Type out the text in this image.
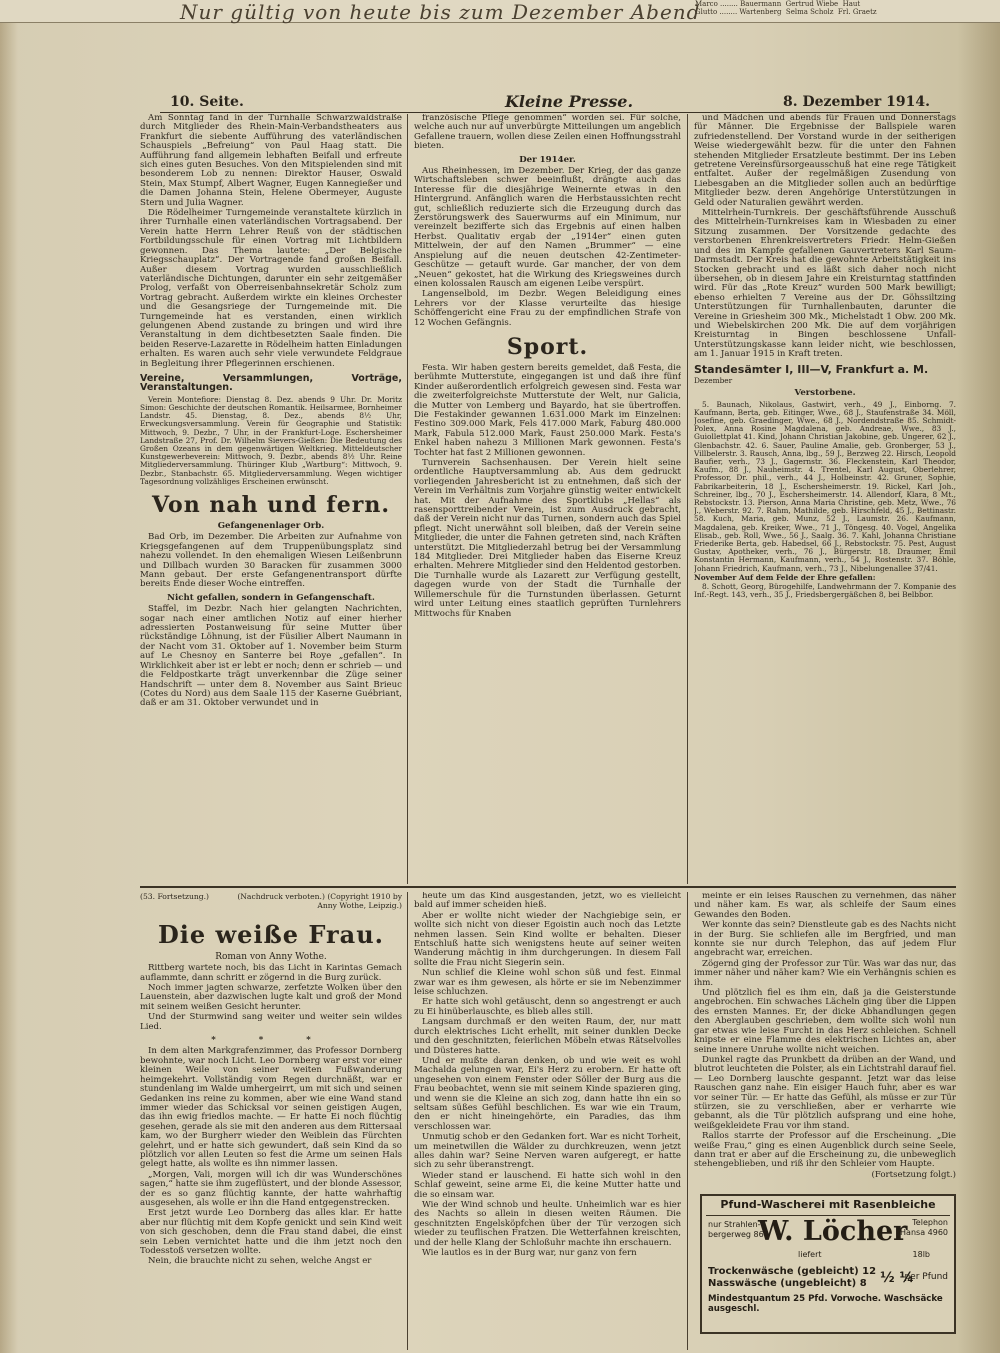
Nur gültig von heute bis zum Dezember Abend
Marco ........ Bauermann  Gertrud Wiebe  Haut
Glutto ........ Wartenberg  Selma Scholz  Frl. Graetz
10. Seite.	Kleine Presse.	8. Dezember 1914.

Am Sonntag fand in der Turnhalle Schwarzwaldstraße durch Mitglieder des Rhein-Main-Verbandstheaters aus Frankfurt die siebente Aufführung des vaterländischen Schauspiels „Befreiung“ von Paul Haag statt. Die Aufführung fand allgemein lebhaften Beifall und erfreute sich eines guten Besuches. Von den Mitspielenden sind mit besonderem Lob zu nennen: Direktor Hauser, Oswald Stein, Max Stumpf, Albert Wagner, Eugen Kannegießer und die Damen Johanna Stein, Helene Obermeyer, Auguste Stern und Julia Wagner.

Die Rödelheimer Turngemeinde veranstaltete kürzlich in ihrer Turnhalle einen vaterländischen Vortragsabend. Der Verein hatte Herrn Lehrer Reuß von der städtischen Fortbildungsschule für einen Vortrag mit Lichtbildern gewonnen. Das Thema lautete: „Der Belgische Kriegsschauplatz“. Der Vortragende fand großen Beifall. Außer diesem Vortrag wurden ausschließlich vaterländische Dichtungen, darunter ein sehr zeitgemäßer Prolog, verfaßt von Oberreisenbahnsekretär Scholz zum Vortrag gebracht. Außerdem wirkte ein kleines Orchester und die Gesangsriege der Turngemeinde mit. Die Turngemeinde hat es verstanden, einen wirklich gelungenen Abend zustande zu bringen und wird ihre Veranstaltung in dem dichtbesetzten Saale finden. Die beiden Reserve-Lazarette in Rödelheim hatten Einladungen erhalten. Es waren auch sehr viele verwundete Feldgraue in Begleitung ihrer Pflegerinnen erschienen.

Vereine, Versammlungen, Vorträge, Veranstaltungen.

Verein Montefiore: Dienstag 8. Dez. abends 9 Uhr. Dr. Moritz Simon: Geschichte der deutschen Romantik. Heilsarmee, Bornheimer Landstr. 45. Dienstag, 8. Dez., abends 8½ Uhr, Erweckungsversammlung. Verein für Geographie und Statistik: Mittwoch, 9. Dezbr., 7 Uhr, in der Frankfurt-Loge. Eschersheimer Landstraße 27, Prof. Dr. Wilhelm Sievers-Gießen: Die Bedeutung des Großen Ozeans in dem gegenwärtigen Weltkrieg. Mitteldeutscher Kunstgewerbeverein: Mittwoch, 9. Dezbr., abends 8½ Uhr. Reine Mitgliederversammlung. Thüringer Klub „Wartburg“: Mittwoch, 9. Dezbr., Stanbachstr. 65. Mitgliederversammlung. Wegen wichtiger Tagesordnung vollzähliges Erscheinen erwünscht.

Von nah und fern.
Gefangenenlager Orb.

Bad Orb, im Dezember. Die Arbeiten zur Aufnahme von Kriegsgefangenen auf dem Truppenübungsplatz sind nahezu vollendet. In den ehemaligen Wiesen Leißenbrunn und Dillbach wurden 30 Baracken für zusammen 3000 Mann gebaut. Der erste Gefangenentransport dürfte bereits Ende dieser Woche eintreffen.

Nicht gefallen, sondern in Gefangenschaft.

Staffel, im Dezbr. Nach hier gelangten Nachrichten, sogar nach einer amtlichen Notiz auf einer hierher adressierten Postanweisung für seine Mutter über rückständige Löhnung, ist der Füsilier Albert Naumann in der Nacht vom 31. Oktober auf 1. November beim Sturm auf Le Chesnoy en Santerre bei Roye „gefallen“. In Wirklichkeit aber ist er lebt er noch; denn er schrieb — und die Feldpostkarte trägt unverkennbar die Züge seiner Handschrift — unter dem 8. November aus Saint Brieuc (Cotes du Nord) aus dem Saale 115 der Kaserne Guébriant, daß er am 31. Oktober verwundet und in

französische Pflege genommen“ worden sei. Für solche, welche auch nur auf unverbürgte Mitteilungen um angeblich Gefallene trauern, wollen diese Zeilen einen Hoffnungsstrahl bieten.

Der 1914er.

Aus Rheinhessen, im Dezember. Der Krieg, der das ganze Wirtschaftsleben schwer beeinflußt, drängte auch das Interesse für die diesjährige Weinernte etwas in den Hintergrund. Anfänglich waren die Herbstaussichten recht gut, schließlich reduzierte sich die Erzeugung durch das Zerstörungswerk des Sauerwurms auf ein Minimum, nur vereinzelt bezifferte sich das Ergebnis auf einen halben Herbst. Qualitativ ergab der „1914er“ einen guten Mittelwein, der auf den Namen „Brummer“ — eine Anspielung auf die neuen deutschen 42-Zentimeter-Geschütze — getauft wurde. Gar mancher, der von dem „Neuen“ gekostet, hat die Wirkung des Kriegsweines durch einen kolossalen Rausch am eigenen Leibe verspürt.

Langenselbold, im Dezbr. Wegen Beleidigung eines Lehrers vor der Klasse verurteilte das hiesige Schöffengericht eine Frau zu der empfindlichen Strafe von 12 Wochen Gefängnis.

Sport.

Festa. Wir haben gestern bereits gemeldet, daß Festa, die berühmte Mutterstute, eingegangen ist und daß ihre fünf Kinder außerordentlich erfolgreich gewesen sind. Festa war die zweiterfolgreichste Mutterstute der Welt, nur Galicia, die Mutter von Lemberg und Bayardo, hat sie übertroffen. Die Festakinder gewannen 1.631.000 Mark im Einzelnen: Festino 309.000 Mark, Fels 417.000 Mark, Faburg 480.000 Mark, Fabula 512.000 Mark, Faust 250.000 Mark. Festa's Enkel haben nahezu 3 Millionen Mark gewonnen. Festa's Tochter hat fast 2 Millionen gewonnen.

Turnverein Sachsenhausen. Der Verein hielt seine ordentliche Hauptversammlung ab. Aus dem gedruckt vorliegenden Jahresbericht ist zu entnehmen, daß sich der Verein im Verhältnis zum Vorjahre günstig weiter entwickelt hat. Mit der Aufnahme des Sportklubs „Hellas“ als rasensporttreibender Verein, ist zum Ausdruck gebracht, daß der Verein nicht nur das Turnen, sondern auch das Spiel pflegt. Nicht unerwähnt soll bleiben, daß der Verein seine Mitglieder, die unter die Fahnen getreten sind, nach Kräften unterstützt. Die Mitgliederzahl betrug bei der Versammlung 184 Mitglieder. Drei Mitglieder haben das Eiserne Kreuz erhalten. Mehrere Mitglieder sind den Heldentod gestorben. Die Turnhalle wurde als Lazarett zur Verfügung gestellt, dagegen wurde von der Stadt die Turnhalle der Willemerschule für die Turnstunden überlassen. Geturnt wird unter Leitung eines staatlich geprüften Turnlehrers Mittwochs für Knaben

und Mädchen und abends für Frauen und Donnerstags für Männer. Die Ergebnisse der Ballspiele waren zufriedenstellend. Der Vorstand wurde in der seitherigen Weise wiedergewählt bezw. für die unter den Fahnen stehenden Mitglieder Ersatzleute bestimmt. Der ins Leben getretene Vereinsfürsorgeausschuß hat eine rege Tätigkeit entfaltet. Außer der regelmäßigen Zusendung von Liebesgaben an die Mitglieder sollen auch an bedürftige Mitglieder bezw. deren Angehörige Unterstützungen in Geld oder Naturalien gewährt werden.

Mittelrhein-Turnkreis. Der geschäftsführende Ausschuß des Mittelrhein-Turnkreises kam in Wiesbaden zu einer Sitzung zusammen. Der Vorsitzende gedachte des verstorbenen Ehrenkreisvertreters Friedr. Helm-Gießen und des im Kampfe gefallenen Gauvertreters Karl Saum-Darmstadt. Der Kreis hat die gewohnte Arbeitstätigkeit ins Stocken gebracht und es läßt sich daher noch nicht übersehen, ob in diesem Jahre ein Kreisturntag stattfinden wird. Für das „Rote Kreuz“ wurden 500 Mark bewilligt; ebenso erhielten 7 Vereine aus der Dr. Göhssiltzing Unterstützungen für Turnhallenbauten, darunter die Vereine in Griesheim 300 Mk., Michelstadt 1 Obw. 200 Mk. und Wiebelskirchen 200 Mk. Die auf dem vorjährigen Kreisturntag in Bingen beschlossene Unfall-Unterstützungskasse kann leider nicht, wie beschlossen, am 1. Januar 1915 in Kraft treten.

Standesämter I, III—V, Frankfurt a. M.

Dezember

Verstorbene.

5. Baunach, Nikolaus, Gastwirt, verh., 49 J., Einborng. 7. Kaufmann, Berta, geb. Eitinger, Wwe., 68 J., Staufenstraße 34. Möll, Josefine, geb. Graedinger, Wwe., 68 J., Nordendstraße 85. Schmidt-Polex, Anna Rosine Magdalena, geb. Andreae, Wwe., 83 J., Guiollettplat 41. Kind, Johann Christian Jakobine, geb. Ungerer, 62 J., Glenbachstr. 42. 6. Sauer, Pauline Amalie, geb. Gronberger, 53 J., Villbelerstr. 3. Rausch, Anna, lbg., 59 J., Berzweg 22. Hirsch, Leopold Baufier, verh., 73 J., Gagernstr. 36. Fleckenstein, Karl Theodor, Kaufm., 88 J., Nauheimstr. 4. Trentel, Karl August, Oberlehrer, Professor, Dr. phil., verh., 44 J., Holbeinstr. 42. Gruner, Sophie, Fabrikarbeiterin, 18 J., Eschersheimerstr. 19. Rickel, Karl Joh., Schreiner, lbg., 70 J., Eschersheimerstr. 14. Allendorf, Klara, 8 Mt., Rebstockstr. 13. Pierson, Anna Maria Christine, geb. Metz, Wwe., 76 J., Weberstr. 92. 7. Rahm, Mathilde, geb. Hirschfeld, 45 J., Bettinastr. 58. Kuch, Maria, geb. Munz, 52 J., Laumstr. 26. Kaufmann, Magdalena, geb. Kreiker, Wwe., 71 J., Töngesg. 40. Vogel, Angelika Elisab., geb. Roll, Wwe., 56 J., Saalg. 36. 7. Kahl, Johanna Christiane Friederike Berta, geb. Habedsel, 66 J., Rebstockstr. 75. Pest, August Gustav, Apotheker, verh., 76 J., Bürgerstr. 18. Draumer, Emil Konstantin Hermann, Kaufmann, verh., 54 J., Rostenstr. 37. Böhle, Johann Friedrich, Kaufmann, verh., 73 J., Nibelungenallee 37/41.

November Auf dem Felde der Ehre gefallen:

8. Schott, Georg, Bürogehilfe, Landwehrmann der 7. Kompanie des Inf.-Regt. 143, verh., 35 J., Friedsbergergäßchen 8, bei Belbbor.

(53. Fortsetzung.)	(Nachdruck verboten.) (Copyright 1910 by Anny Wothe, Leipzig.)
Die weiße Frau.
Roman von Anny Wothe.

Rittberg wartete noch, bis das Licht in Karintas Gemach auflammte, dann schritt er zögernd in die Burg zurück.

Noch immer jagten schwarze, zerfetzte Wolken über den Lauenstein, aber dazwischen lugte kalt und groß der Mond mit seinem weißen Gesicht herunter.

Und der Sturmwind sang weiter und weiter sein wildes Lied.

* * *

In dem alten Markgrafenzimmer, das Professor Dornberg bewohnte, war noch Licht. Leo Dornberg war erst vor einer kleinen Weile von seiner weiten Fußwanderung heimgekehrt. Vollständig vom Regen durchnäßt, war er stundenlang im Walde umhergeirrt, um mit sich und seinen Gedanken ins reine zu kommen, aber wie eine Wand stand immer wieder das Schicksal vor seinen geistigen Augen, das ihn ewig friedlos machte. — Er hatte Ei noch flüchtig gesehen, gerade als sie mit den anderen aus dem Rittersaal kam, wo der Burgherr wieder den Weiblein das Fürchten gelehrt, und er hatte sich gewundert, daß sein Kind da so plötzlich vor allen Leuten so fest die Arme um seinen Hals gelegt hatte, als wollte es ihn nimmer lassen.

„Morgen, Vali, morgen will ich dir was Wunderschönes sagen,“ hatte sie ihm zugeflüstert, und der blonde Assessor, der es so ganz flüchtig kannte, der hatte wahrhaftig ausgesehen, als wolle er ihn die Hand entgegenstrecken.

Erst jetzt wurde Leo Dornberg das alles klar. Er hatte aber nur flüchtig mit dem Kopfe genickt und sein Kind weit von sich geschoben, denn die Frau stand dabei, die einst sein Leben vernichtet hatte und die ihm jetzt noch den Todesstoß versetzen wollte.

Nein, die brauchte nicht zu sehen, welche Angst er

heute um das Kind ausgestanden, jetzt, wo es vielleicht bald auf immer scheiden hieß.

Aber er wollte nicht wieder der Nachgiebige sein, er wollte sich nicht von dieser Egoistin auch noch das Letzte nehmen lassen. Sein Kind wollte er behalten. Dieser Entschluß hatte sich wenigstens heute auf seiner weiten Wanderung mächtig in ihm durchgerungen. In diesem Fall sollte die Frau nicht Siegerin sein.

Nun schlief die Kleine wohl schon süß und fest. Einmal zwar war es ihm gewesen, als hörte er sie im Nebenzimmer leise schluchzen.

Er hatte sich wohl getäuscht, denn so angestrengt er auch zu Ei hinüberlauschte, es blieb alles still.

Langsam durchmaß er den weiten Raum, der, nur matt durch elektrisches Licht erhellt, mit seiner dunklen Decke und den geschnitzten, feierlichen Möbeln etwas Rätselvolles und Düsteres hatte.

Und er mußte daran denken, ob und wie weit es wohl Machalda gelungen war, Ei's Herz zu erobern. Er hatte oft ungesehen von einem Fenster oder Söller der Burg aus die Frau beobachtet, wenn sie mit seinem Kinde spazieren ging, und wenn sie die Kleine an sich zog, dann hatte ihn ein so seltsam süßes Gefühl beschlichen. Es war wie ein Traum, den er nicht hineingehörte, ein Paradies, das ihm verschlossen war.

Unmutig schob er den Gedanken fort. War es nicht Torheit, um meinetwillen die Wälder zu durchkreuzen, wenn jetzt alles dahin war? Seine Nerven waren aufgeregt, er hatte sich zu sehr überanstrengt.

Wieder stand er lauschend. Ei hatte sich wohl in den Schlaf geweint, seine arme Ei, die keine Mutter hatte und die so einsam war.

Wie der Wind schnob und heulte. Unheimlich war es hier des Nachts so allein in diesen weiten Räumen. Die geschnitzten Engelsköpfchen über der Tür verzogen sich wieder zu teuflischen Fratzen. Die Wetterfahnen kreischten, und der helle Klang der Schloßuhr machte ihn erschauern.

Wie lautlos es in der Burg war, nur ganz von fern

meinte er ein leises Rauschen zu vernehmen, das näher und näher kam. Es war, als schleife der Saum eines Gewandes den Boden.

Wer konnte das sein? Dienstleute gab es des Nachts nicht in der Burg. Sie schliefen alle im Bergfried, und man konnte sie nur durch Telephon, das auf jedem Flur angebracht war, erreichen.

Zögernd ging der Professor zur Tür. Was war das nur, das immer näher und näher kam? Wie ein Verhängnis schien es ihm.

Und plötzlich fiel es ihm ein, daß ja die Geisterstunde angebrochen. Ein schwaches Lächeln ging über die Lippen des ernsten Mannes. Er, der dicke Abhandlungen gegen den Aberglauben geschrieben, dem wollte sich wohl nun gar etwas wie leise Furcht in das Herz schleichen. Schnell knipste er eine Flamme des elektrischen Lichtes an, aber seine innere Unruhe wollte nicht weichen.

Dunkel ragte das Prunkbett da drüben an der Wand, und blutrot leuchteten die Polster, als ein Lichtstrahl darauf fiel. — Leo Dornberg lauschte gespannt. Jetzt war das leise Rauschen ganz nahe. Ein eisiger Hauch fuhr, aber es war vor seiner Tür. — Er hatte das Gefühl, als müsse er zur Tür stürzen, sie zu verschließen, aber er verharrte wie gebannt, als die Tür plötzlich aufsprang und eine hohe, weißgekleidete Frau vor ihm stand.

Rallos starrte der Professor auf die Erscheinung. „Die weiße Frau,“ ging es einen Augenblick durch seine Seele, dann trat er aber auf die Erscheinung zu, die unbeweglich stehengeblieben, und riß ihr den Schleier vom Haupte.

(Fortsetzung folgt.)

Pfund-Wascherei mit Rasenbleiche
nur Strahlen-
bergerweg 86
W. Löcher Telephon
Hansa 4960
liefert	18lb
Trockenwäsche (gebleicht) 12
Nasswäsche (ungebleicht) 8 ½ ¼
per Pfund
Mindestquantum 25 Pfd. Vorwoche. Waschsäcke ausgeschl.
